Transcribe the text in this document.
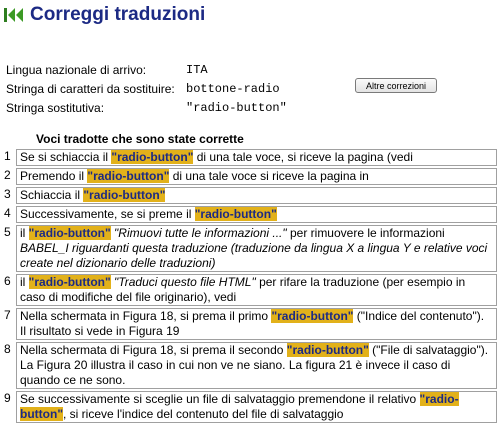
Correggi traduzioni
Lingua nazionale di arrivo:	ITA
Stringa di caratteri da sostituire: bottone-radio	Altre correzioni
Stringa sostitutiva:	"radio-button"
Voci tradotte che sono state corrette
1	Se si schiaccia il "radio-button" di una tale voce, si riceve la pagina (vedi
2	Premendo il "radio-button" di una tale voce si riceve la pagina in
3	Schiaccia il "radio-button"
4	Successivamente, se si preme il "radio-button"
5	il "radio-button" "Rimuovi tutte le informazioni ..." per rimuovere le informazioni BABEL_I riguardanti questa traduzione (traduzione da lingua X a lingua Y e relative voci create nel dizionario delle traduzioni)
6	il "radio-button" "Traduci questo file HTML" per rifare la traduzione (per esempio in caso di modifiche del file originario), vedi
7	Nella schermata in Figura 18, si prema il primo "radio-button" ("Indice del contenuto"). Il risultato si vede in Figura 19
8	Nella schermata di Figura 18, si prema il secondo "radio-button" ("File di salvataggio"). La Figura 20 illustra il caso in cui non ve ne siano. La figura 21 è invece il caso di quando ce ne sono.
9	Se successivamente si sceglie un file di salvataggio premendone il relativo "radio-button", si riceve l'indice del contenuto del file di salvataggio
